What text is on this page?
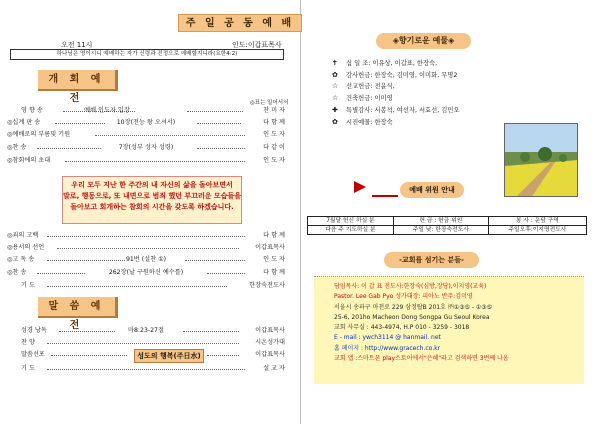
주 일 공 동 예 배
오전 11시	인도:이갑표목사
하나님은 영이시니 예배하는 자가 신령과 진정으로 예배할지니라(요한4:2)
개 회 예 전	◎표는 일어서서
영 향 송	예배 인도자 입장	찬 미 자
◎십계 판 송	10장(전능 왕 오셔서)	다 함 께
◎예배로의 부름및 기원	인 도 자
◎찬 송	7장(성부 성자 성령)	다 같 이
◎참회에의 초대	인 도 자
우리 모두 지난 한 주간의 내 자신의 삶을 돌아보면서
말로, 행동으로, 또 내면으로 범죄 했던 부끄러운 모습들을
돌아보고 회개하는 참회의 시간을 갖도록 하겠습니다.
◎죄의 고백	다 함 께
◎용서의 선언	이갑표목사
◎고 독 송	91번 (설찬 ①)	인 도 자
◎찬 송	262장(날 구원하신 예수를)	다 함 께
기 도	한장숙전도사
말 씀 예 전
성경 낭독	마8:23-27절	이갑표목사
찬 양	시온성가대
말씀선포	이갑표목사
성도의 행복(주日水)
기 도	설 교 자
◈향기로운 예물◈
✝ 십 일 조: 이유상, 이갑표, 한장숙,
✿ 감사헌금: 한장숙, 김미영, 이미화, 무명2
☆ 선교헌금: 전윤식,
☆ 건축헌금: 이미영
✚ 특별감사: 서봉석, 여선자, 서효선, 김민오
✿ 시진예물: 한장숙
예배 위원 안내
7월달 헌신 하실 분	헌 금 : 헌금 위원	봉 사 : 운담 구역
다음 주 기도하실 분	주일 낮: 한장숙전도사	주일오후:이지영전도사
-교회를 섬기는 분들-
담임목사: 이 갑 표 전도사:한장숙(심방,장당),이지영(교육)
Pastor. Lee Gab Pyo 성가대장: 피아노 반주:김미영
서울시 송파구 마천로 229 삼정탑B 201호 ㈜①③⑤ - ①③⑤
25-6, 201ho Macheon Dong Songpa Gu Seoul Korea
교회 사무실 : 443-4974, H.P 010 - 3259 - 3018
E - mail : ywch3114 @ hanmail. net
홈 페이지 : http://www.gracech.co.kr
교회 앱 :스마트폰 play스토어에서"은혜"라고 검색하면 3번째 나옴
